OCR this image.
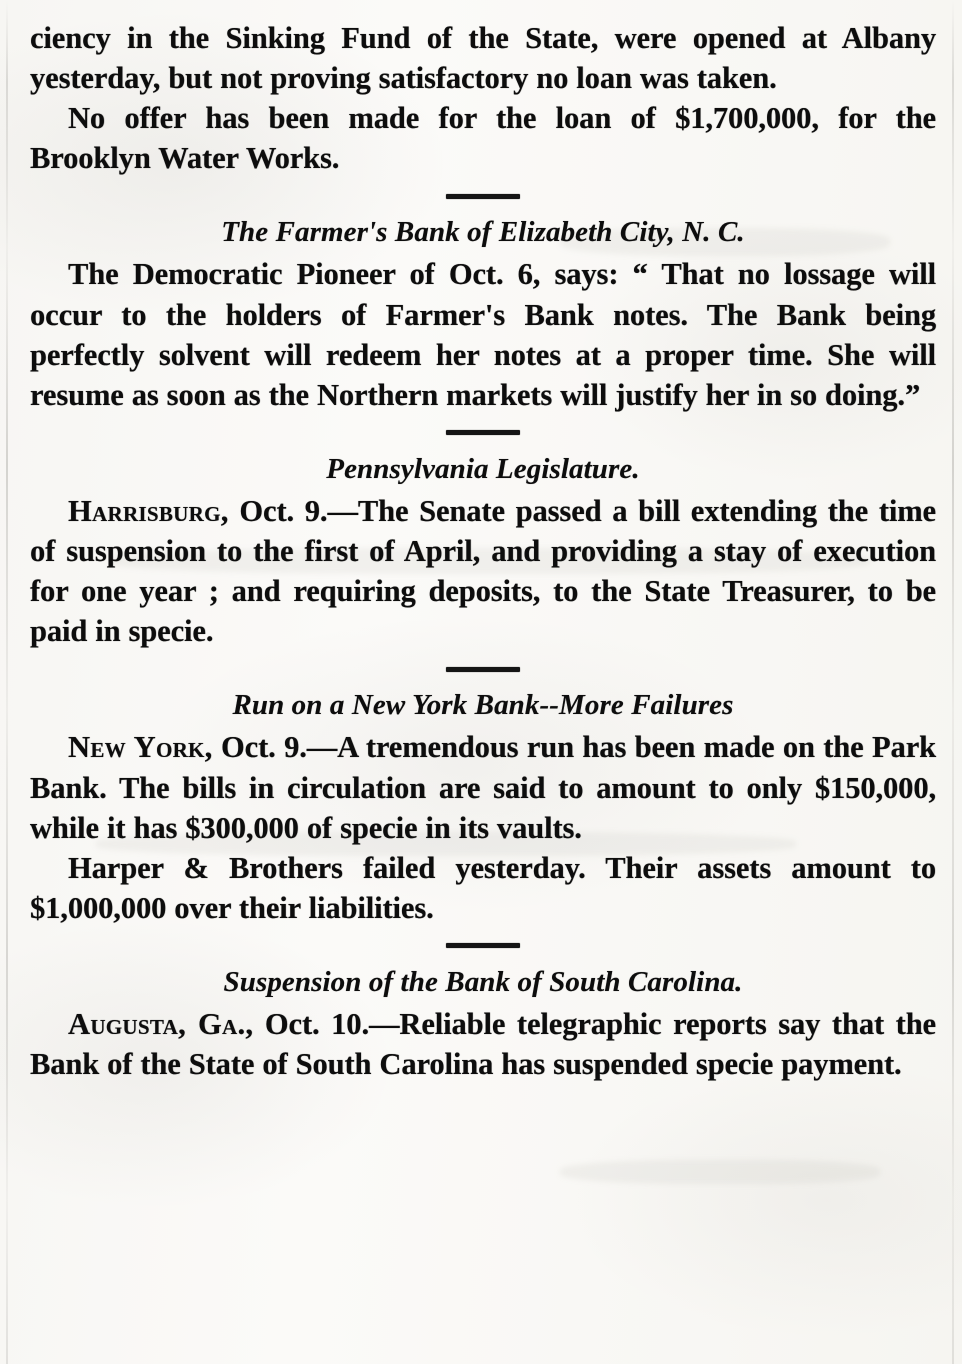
ciency in the Sinking Fund of the State, were opened at Albany yesterday, but not proving satisfactory no loan was taken.

No offer has been made for the loan of $1,700,000, for the Brooklyn Water Works.

The Farmer's Bank of Elizabeth City, N. C.

The Democratic Pioneer of Oct. 6, says: “ That no lossage will occur to the holders of Farmer's Bank notes. The Bank being perfectly solvent will redeem her notes at a proper time. She will resume as soon as the Northern markets will justify her in so doing.”

Pennsylvania Legislature.

Harrisburg, Oct. 9.—The Senate passed a bill extending the time of suspension to the first of April, and providing a stay of execution for one year ; and requiring deposits, to the State Treasurer, to be paid in specie.

Run on a New York Bank--More Failures

New York, Oct. 9.—A tremendous run has been made on the Park Bank. The bills in circulation are said to amount to only $150,000, while it has $300,000 of specie in its vaults.

Harper & Brothers failed yesterday. Their assets amount to $1,000,000 over their liabilities.

Suspension of the Bank of South Carolina.

Augusta, Ga., Oct. 10.—Reliable telegraphic reports say that the Bank of the State of South Carolina has suspended specie payment.
